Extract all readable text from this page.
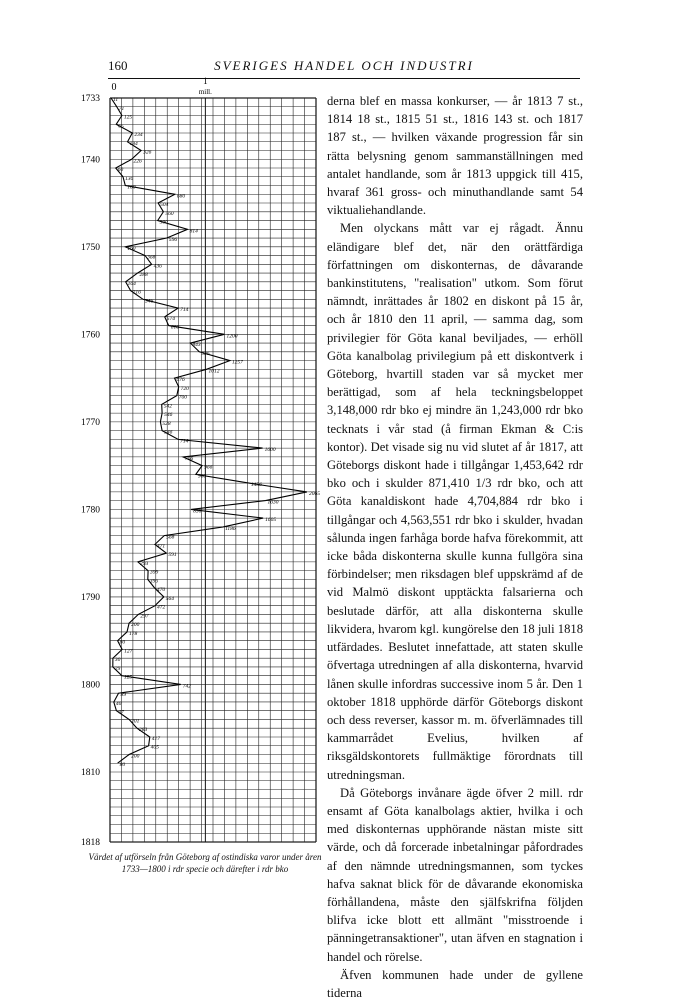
160	SVERIGES HANDEL OCH INDUSTRI
0
1
mill.
1733
1740
1750
1760
1770
1780
1790
1800
1810
1818
11
71
125
65
234
184
326
226
60
136
160
680
504
560
500
814
596
160
368
436
288
164
216
346
714
574
616
1200
843
936
1257
1012
676
720
700
542
546
528
546
714
1600
766
966
900
1456
2065
1630
850
1605
1186
568
471
591
293
399
396
470
564
472
297
200
178
80
127
30
29
125
742
89
40
67
201
283
417
405
200
80
Värdet af utförseln från Göteborg af ostindiska varor under åren 1733—1800 i rdr specie och därefter i rdr bko

derna blef en massa konkurser, — år 1813 7 st., 1814 18 st., 1815 51 st., 1816 143 st. och 1817 187 st., — hvilken växande progression får sin rätta belysning genom sammanställningen med antalet handlande, som år 1813 uppgick till 415, hvaraf 361 gross- och minuthandlande samt 54 viktualiehandlande.

Men olyckans mått var ej rågadt. Ännu eländigare blef det, när den orättfärdiga författningen om diskonternas, de dåvarande bankinstitutens, "realisation" utkom. Som förut nämndt, inrättades år 1802 en diskont på 15 år, och år 1810 den 11 april, — samma dag, som privilegier för Göta kanal beviljades, — erhöll Göta kanalbolag privilegium på ett diskontverk i Göteborg, hvartill staden var så mycket mer berättigad, som af hela teckningsbeloppet 3,148,000 rdr bko ej mindre än 1,243,000 rdr bko tecknats i vår stad (å firman Ekman & C:is kontor). Det visade sig nu vid slutet af år 1817, att Göteborgs diskont hade i tillgångar 1,453,642 rdr bko och i skulder 871,410 1/3 rdr bko, och att Göta kanaldiskont hade 4,704,884 rdr bko i tillgångar och 4,563,551 rdr bko i skulder, hvadan sålunda ingen farhåga borde hafva förekommit, att icke båda diskonterna skulle kunna fullgöra sina förbindelser; men riksdagen blef uppskrämd af de vid Malmö diskont upptäckta falsarierna och beslutade därför, att alla diskonterna skulle likvidera, hvarom kgl. kungörelse den 18 juli 1818 utfärdades. Beslutet innefattade, att staten skulle öfvertaga utredningen af alla diskonterna, hvarvid lånen skulle infordras successive inom 5 år. Den 1 oktober 1818 upphörde därför Göteborgs diskont och dess reverser, kassor m. m. öfverlämnades till kammarrådet Evelius, hvilken af riksgäldskontorets fullmäktige förordnats till utredningsman.

Då Göteborgs invånare ägde öfver 2 mill. rdr ensamt af Göta kanalbolags aktier, hvilka i och med diskonternas upphörande nästan miste sitt värde, och då forcerade inbetalningar påfordrades af den nämnde utredningsmannen, som tyckes hafva saknat blick för de dåvarande ekonomiska förhållandena, måste den själfskrifna följden blifva icke blott ett allmänt "misstroende i pänningetransaktioner", utan äfven en stagnation i handel och rörelse.

Äfven kommunen hade under de gyllene tiderna
